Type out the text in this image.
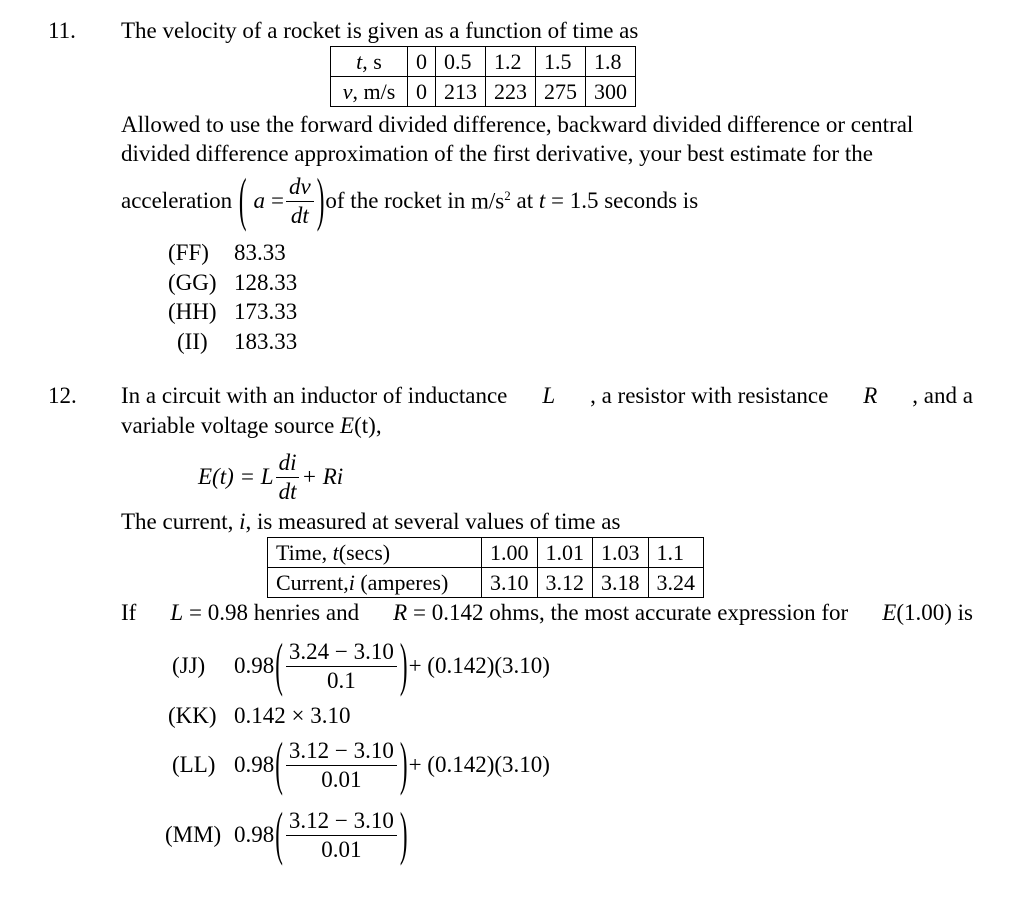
11. The velocity of a rocket is given as a function of time as
t, s	0	0.5	1.2	1.5	1.8
v, m/s	0	213	223	275	300
Allowed to use the forward divided difference, backward divided difference or central
divided difference approximation of the first derivative, your best estimate for the
acceleration
( $a = \frac{dv}{dt}$ ) of the rocket in
$m/s^2$
at
t
= 1.5
seconds is
(FF) 83.33
(GG) 128.33
(HH) 173.33
(II) 183.33
12. In a circuit with an inductor of inductance L , a resistor with resistance R , and a
variable voltage source E(t),
E(t) = L $\frac{di}{dt} + Ri$
The current, i, is measured at several values of time as
Time, t(secs)	1.00	1.01	1.03	1.1
Current,i (amperes)	3.10	3.12	3.18	3.24
If L = 0.98 henries and R = 0.142 ohms, the most accurate expression for E(1.00) is
(JJ)	0.98 ( $\frac{3.24 - 3.10}{0.1}$ ) + (0.142)(3.10)
(KK) 0.142 × 3.10
(LL) 0.98 ( $\frac{3.12 - 3.10}{0.01}$ ) + (0.142)(3.10)
(MM) 0.98 ( $\frac{3.12 - 3.10}{0.01}$ )
